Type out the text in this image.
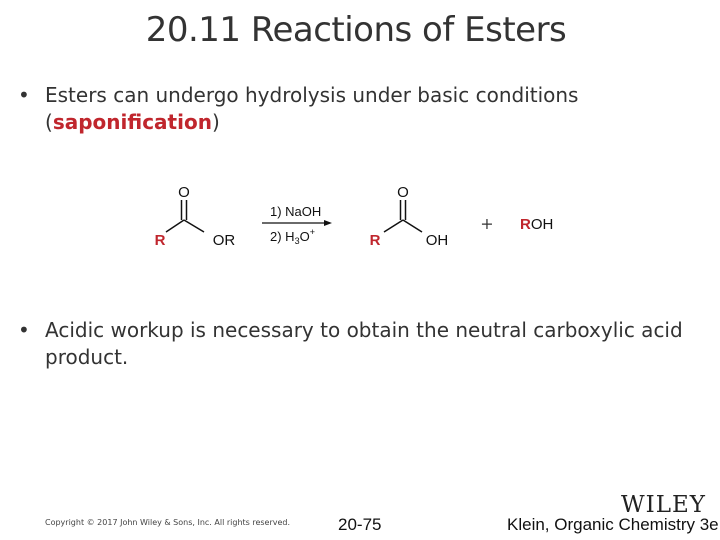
20.11 Reactions of Esters
• Esters can undergo hydrolysis under basic conditions (saponification)
O
R	OR
1) NaOH
2) $H_3O^+$
O
R	OH
+ ROH
• Acidic workup is necessary to obtain the neutral carboxylic acid product.
Copyright © 2017 John Wiley & Sons, Inc. All rights reserved.	20-75	Klein, Organic Chemistry 3e
WILEY
